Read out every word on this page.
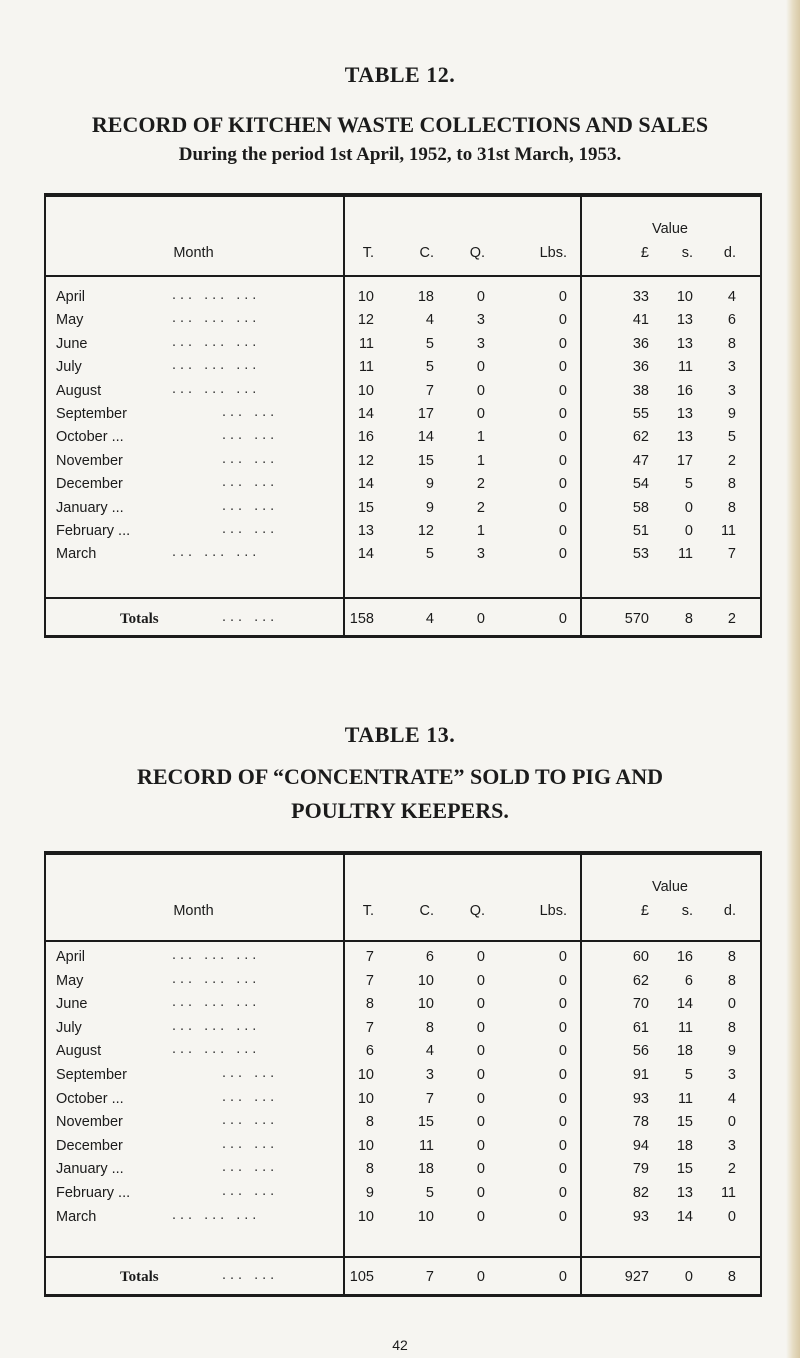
TABLE 12.
RECORD OF KITCHEN WASTE COLLECTIONS AND SALES
During the period 1st April, 1952, to 31st March, 1953.
Month	T.	C.	Q.	Lbs.
Value
£	s.	d.
April	... ... ...	10	18	0	0	33	10	4
May	... ... ...	12	4	3	0	41	13	6
June	... ... ...	11	5	3	0	36	13	8
July	... ... ...	11	5	0	0	36	11	3
August	... ... ...	10	7	0	0	38	16	3
September	... ...	14	17	0	0	55	13	9
October ...	... ...	16	14	1	0	62	13	5
November	... ...	12	15	1	0	47	17	2
December	... ...	14	9	2	0	54	5	8
January ...	... ...	15	9	2	0	58	0	8
February ...	... ...	13	12	1	0	51	0	11
March	... ... ...	14	5	3	0	53	11	7
Totals	... ...	158	4	0	0	570	8	2
TABLE 13.
RECORD OF “CONCENTRATE” SOLD TO PIG AND
POULTRY KEEPERS.
Month	T.	C.	Q.	Lbs.
Value
£	s.	d.
April	... ... ...	7	6	0	0	60	16	8
May	... ... ...	7	10	0	0	62	6	8
June	... ... ...	8	10	0	0	70	14	0
July	... ... ...	7	8	0	0	61	11	8
August	... ... ...	6	4	0	0	56	18	9
September	... ...	10	3	0	0	91	5	3
October ...	... ...	10	7	0	0	93	11	4
November	... ...	8	15	0	0	78	15	0
December	... ...	10	11	0	0	94	18	3
January ...	... ...	8	18	0	0	79	15	2
February ...	... ...	9	5	0	0	82	13	11
March	... ... ...	10	10	0	0	93	14	0
Totals	... ...	105	7	0	0	927	0	8
42
